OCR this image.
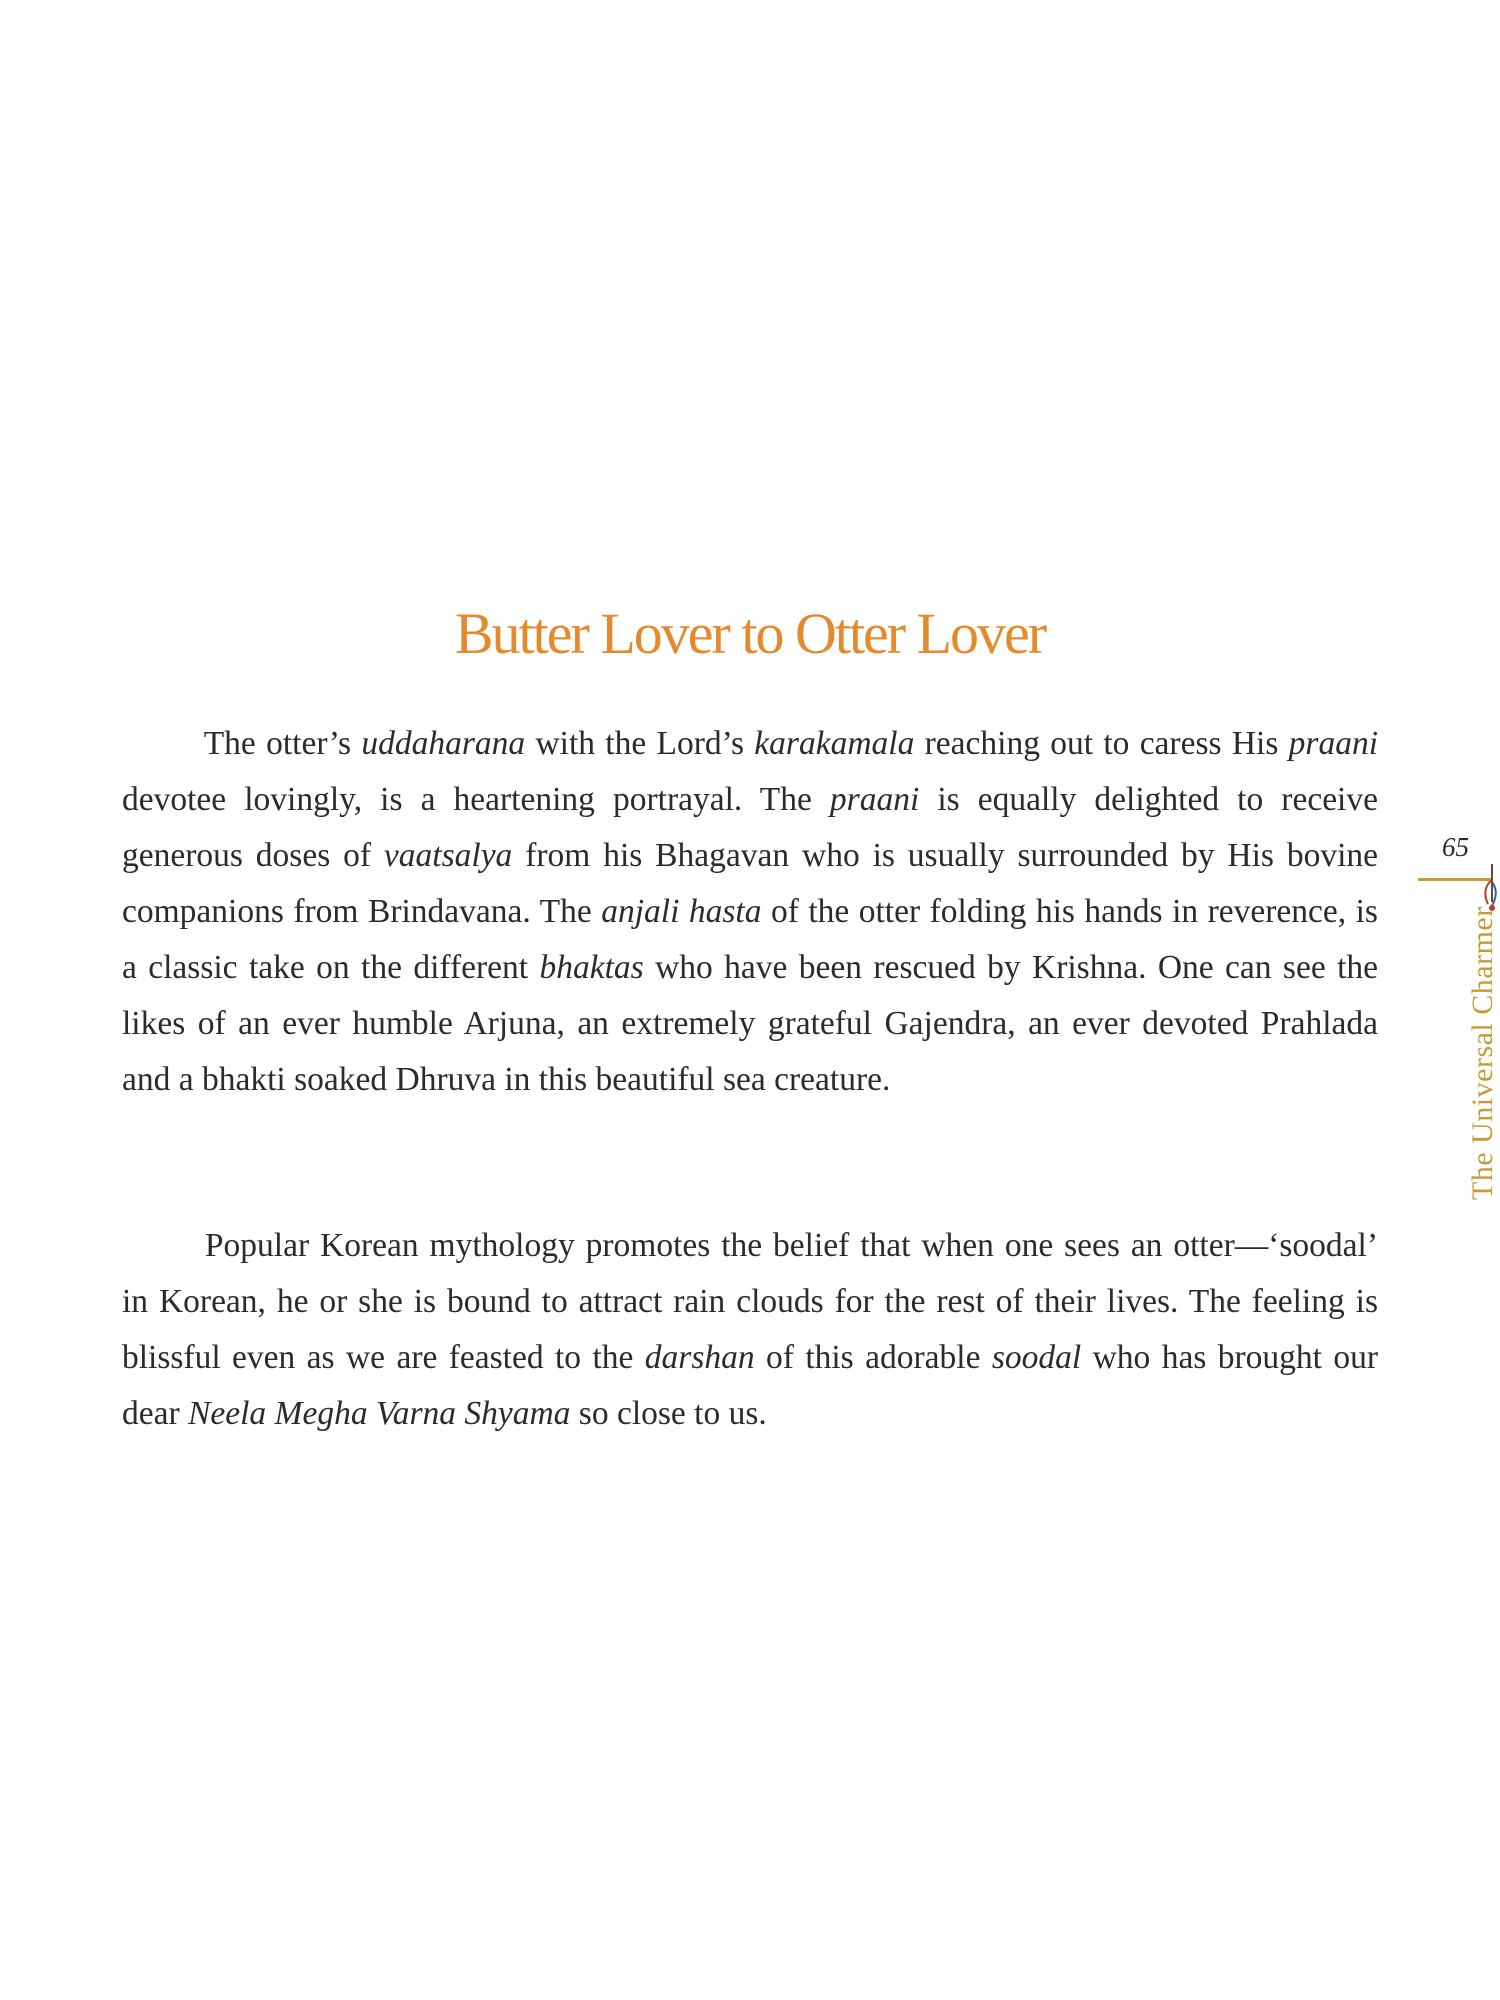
Butter Lover to Otter Lover

The otter’s uddaharana with the Lord’s karakamala reaching out to caress His praani devotee lovingly, is a heartening portrayal. The praani is equally delighted to receive generous doses of vaatsalya from his Bhagavan who is usually surrounded by His bovine companions from Brindavana. The anjali hasta of the otter folding his hands in reverence, is a classic take on the different bhaktas who have been rescued by Krishna. One can see the likes of an ever humble Arjuna, an extremely grateful Gajendra, an ever devoted Prahlada and a bhakti soaked Dhruva in this beautiful sea creature.

Popular Korean mythology promotes the belief that when one sees an otter—‘soodal’ in Korean, he or she is bound to attract rain clouds for the rest of their lives. The feeling is blissful even as we are feasted to the darshan of this adorable soodal who has brought our dear Neela Megha Varna Shyama so close to us.

65
The Universal Charmer
